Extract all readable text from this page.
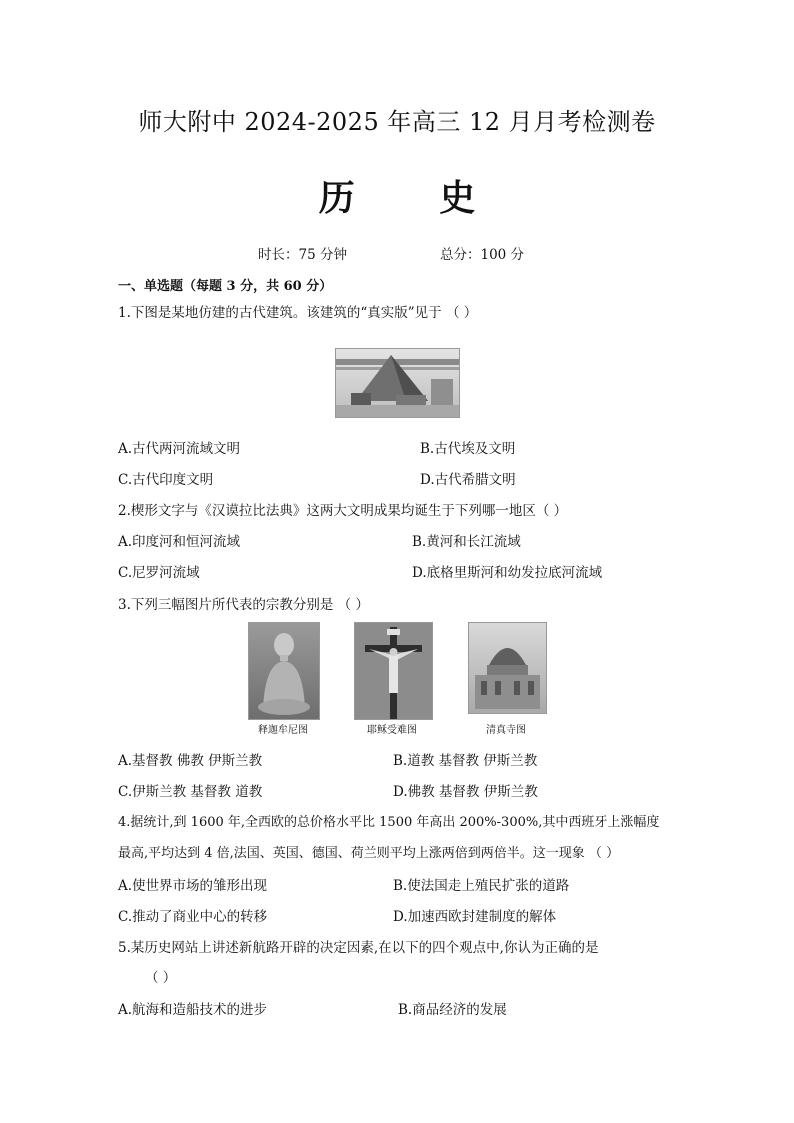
师大附中 2024-2025 年高三 12 月月考检测卷
历 史
时长：75 分钟	总分：100 分
一、单选题（每题 3 分，共 60 分）
1.下图是某地仿建的古代建筑。该建筑的“真实版”见于 （ ）
A.古代两河流域文明	B.古代埃及文明
C.古代印度文明	D.古代希腊文明
2.楔形文字与《汉谟拉比法典》这两大文明成果均诞生于下列哪一地区（ ）
A.印度河和恒河流域	B.黄河和长江流域
C.尼罗河流域	D.底格里斯河和幼发拉底河流域
3.下列三幅图片所代表的宗教分别是 （ ）
释迦牟尼图	耶稣受难图	清真寺图
A.基督教 佛教 伊斯兰教	B.道教 基督教 伊斯兰教
C.伊斯兰教 基督教 道教	D.佛教 基督教 伊斯兰教
4.据统计,到 1600 年,全西欧的总价格水平比 1500 年高出 200%-300%,其中西班牙上涨幅度
最高,平均达到 4 倍,法国、英国、德国、荷兰则平均上涨两倍到两倍半。这一现象 （ ）
A.使世界市场的雏形出现	B.使法国走上殖民扩张的道路
C.推动了商业中心的转移	D.加速西欧封建制度的解体
5.某历史网站上讲述新航路开辟的决定因素,在以下的四个观点中,你认为正确的是
（ ）
A.航海和造船技术的进步	B.商品经济的发展
